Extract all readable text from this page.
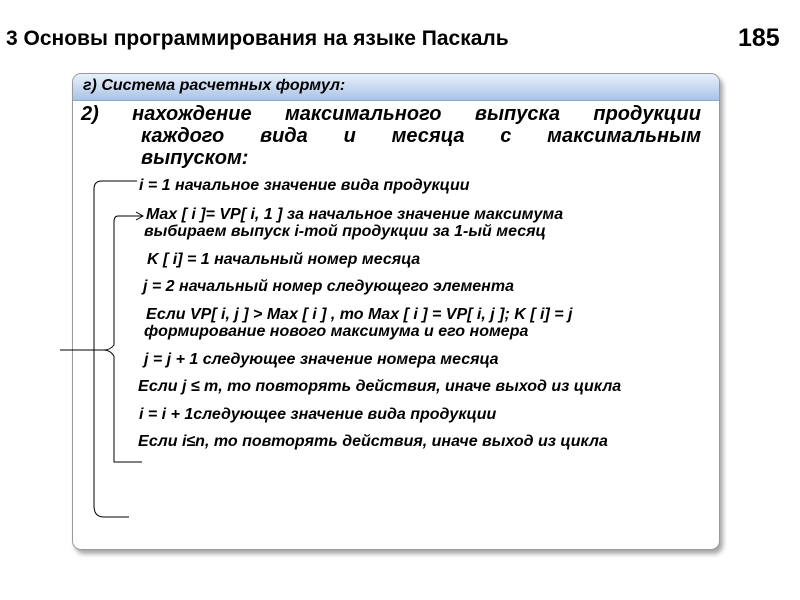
3 Основы программирования на языке Паскаль	185
г) Система расчетных формул:
2) нахождение максимального выпуска продукции
каждого вида и месяца с максимальным
выпуском:
i = 1 начальное значение вида продукции
Max [ i ]= VP[ i, 1 ] за начальное значение максимума
выбираем выпуск i-той продукции за 1-ый месяц
K [ i] = 1 начальный номер месяца
j = 2 начальный номер следующего элемента
Если VP[ i, j ] > Max [ i ] , то Max [ i ] = VP[ i, j ]; K [ i] = j
формирование нового максимума и его номера
j = j + 1 следующее значение номера месяца
Если j ≤ m, то повторять действия, иначе выход из цикла
i = i + 1следующее значение вида продукции
Если i≤n, то повторять действия, иначе выход из цикла
